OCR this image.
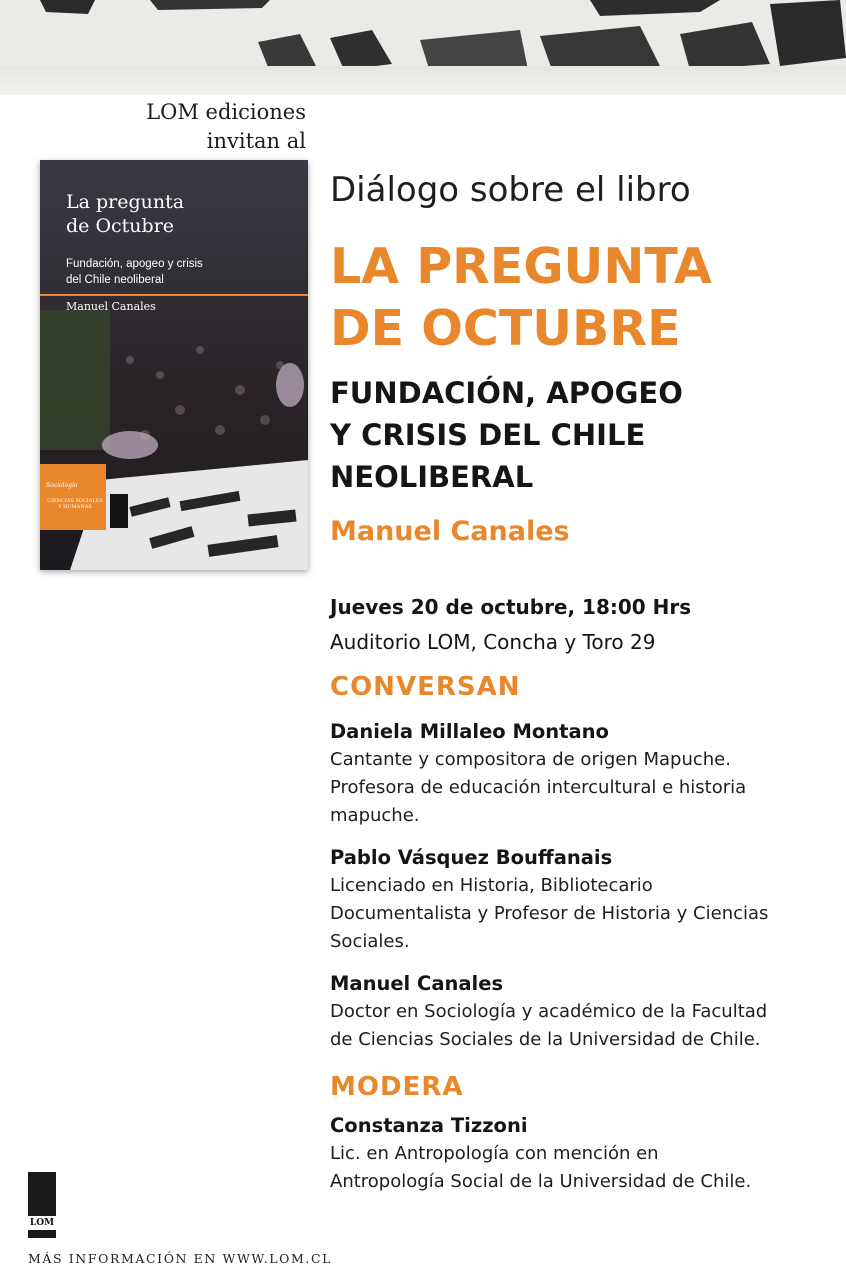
LOM ediciones
invitan al
La pregunta
de Octubre
Fundación, apogeo y crisis
del Chile neoliberal
Manuel Canales
Sociología
CIENCIAS SOCIALES Y HUMANAS
Diálogo sobre el libro
LA PREGUNTA
DE OCTUBRE
FUNDACIÓN, APOGEO
Y CRISIS DEL CHILE
NEOLIBERAL
Manuel Canales
Jueves 20 de octubre, 18:00 Hrs
Auditorio LOM, Concha y Toro 29
CONVERSAN
Daniela Millaleo Montano
Cantante y compositora de origen Mapuche.
Profesora de educación intercultural e historia
mapuche.
Pablo Vásquez Bouffanais
Licenciado en Historia, Bibliotecario
Documentalista y Profesor de Historia y Ciencias
Sociales.
Manuel Canales
Doctor en Sociología y académico de la Facultad
de Ciencias Sociales de la Universidad de Chile.
MODERA
Constanza Tizzoni
Lic. en Antropología con mención en
Antropología Social de la Universidad de Chile.
LOM
MÁS INFORMACIÓN EN WWW.LOM.CL
